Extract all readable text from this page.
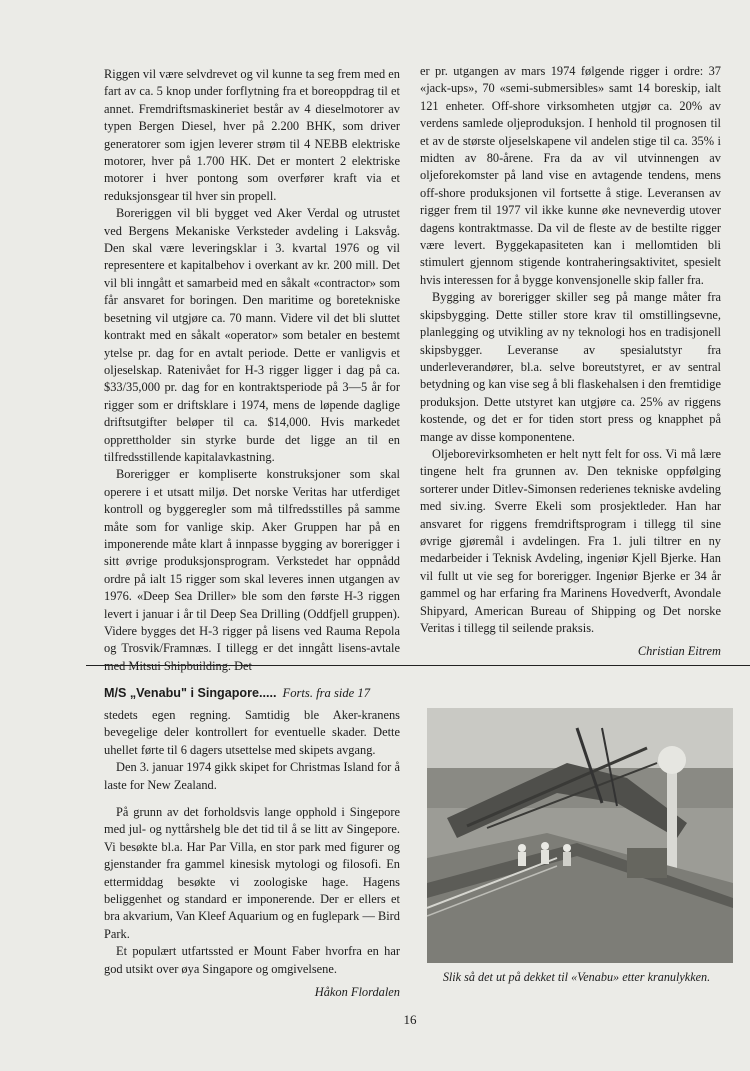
Riggen vil være selvdrevet og vil kunne ta seg frem med en fart av ca. 5 knop under forflytning fra et boreoppdrag til et annet. Fremdriftsmaskineriet består av 4 dieselmotorer av typen Bergen Diesel, hver på 2.200 BHK, som driver generatorer som igjen leverer strøm til 4 NEBB elektriske motorer, hver på 1.700 HK. Det er montert 2 elektriske motorer i hver pontong som overfører kraft via et reduksjonsgear til hver sin propell.

Boreriggen vil bli bygget ved Aker Verdal og utrustet ved Bergens Mekaniske Verksteder avdeling i Laksvåg. Den skal være leveringsklar i 3. kvartal 1976 og vil representere et kapitalbehov i overkant av kr. 200 mill. Det vil bli inngått et samarbeid med en såkalt «contractor» som får ansvaret for boringen. Den maritime og boretekniske besetning vil utgjøre ca. 70 mann. Videre vil det bli sluttet kontrakt med en såkalt «operator» som betaler en bestemt ytelse pr. dag for en avtalt periode. Dette er vanligvis et oljeselskap. Ratenivået for H-3 rigger ligger i dag på ca. $33/35,000 pr. dag for en kontraktsperiode på 3—5 år for rigger som er driftsklare i 1974, mens de løpende daglige driftsutgifter beløper til ca. $14,000. Hvis markedet opprettholder sin styrke burde det ligge an til en tilfredsstillende kapitalavkastning.

Borerigger er kompliserte konstruksjoner som skal operere i et utsatt miljø. Det norske Veritas har utferdiget kontroll og byggeregler som må tilfredsstilles på samme måte som for vanlige skip. Aker Gruppen har på en imponerende måte klart å innpasse bygging av borerigger i sitt øvrige produksjonsprogram. Verkstedet har oppnådd ordre på ialt 15 rigger som skal leveres innen utgangen av 1976. «Deep Sea Driller» ble som den første H-3 riggen levert i januar i år til Deep Sea Drilling (Oddfjell gruppen). Videre bygges det H-3 rigger på lisens ved Rauma Repola og Trosvik/Framnæs. I tillegg er det inngått lisens-avtale med Mitsui Shipbuilding. Det

er pr. utgangen av mars 1974 følgende rigger i ordre: 37 «jack-ups», 70 «semi-submersibles» samt 14 boreskip, ialt 121 enheter. Off-shore virksomheten utgjør ca. 20% av verdens samlede oljeproduksjon. I henhold til prognosen til et av de største oljeselskapene vil andelen stige til ca. 35% i midten av 80-årene. Fra da av vil utvinnengen av oljeforekomster på land vise en avtagende tendens, mens off-shore produksjonen vil fortsette å stige. Leveransen av rigger frem til 1977 vil ikke kunne øke nevneverdig utover dagens kontraktmasse. Da vil de fleste av de bestilte rigger være levert. Byggekapasiteten kan i mellomtiden bli stimulert gjennom stigende kontraheringsaktivitet, spesielt hvis interessen for å bygge konvensjonelle skip faller fra.

Bygging av borerigger skiller seg på mange måter fra skipsbygging. Dette stiller store krav til omstillingsevne, planlegging og utvikling av ny teknologi hos en tradisjonell skipsbygger. Leveranse av spesialutstyr fra underleverandører, bl.a. selve boreutstyret, er av sentral betydning og kan vise seg å bli flaskehalsen i den fremtidige produksjon. Dette utstyret kan utgjøre ca. 25% av riggens kostende, og det er for tiden stort press og knapphet på mange av disse komponentene.

Oljeborevirksomheten er helt nytt felt for oss. Vi må lære tingene helt fra grunnen av. Den tekniske oppfølging sorterer under Ditlev-Simonsen rederienes tekniske avdeling med siv.ing. Sverre Ekeli som prosjektleder. Han har ansvaret for riggens fremdriftsprogram i tillegg til sine øvrige gjøremål i avdelingen. Fra 1. juli tiltrer en ny medarbeider i Teknisk Avdeling, ingeniør Kjell Bjerke. Han vil fullt ut vie seg for borerigger. Ingeniør Bjerke er 34 år gammel og har erfaring fra Marinens Hovedverft, Avondale Shipyard, American Bureau of Shipping og Det norske Veritas i tillegg til seilende praksis.

Christian Eitrem

M/S „Venabu" i Singapore..... Forts. fra side 17

stedets egen regning. Samtidig ble Aker-kranens bevegelige deler kontrollert for eventuelle skader. Dette uhellet førte til 6 dagers utsettelse med skipets avgang.

Den 3. januar 1974 gikk skipet for Christmas Island for å laste for New Zealand.

På grunn av det forholdsvis lange opphold i Singepore med jul- og nyttårshelg ble det tid til å se litt av Singepore. Vi besøkte bl.a. Har Par Villa, en stor park med figurer og gjenstander fra gammel kinesisk mytologi og filosofi. En ettermiddag besøkte vi zoologiske hage. Hagens beliggenhet og standard er imponerende. Der er ellers et bra akvarium, Van Kleef Aquarium og en fuglepark — Bird Park.

Et populært utfartssted er Mount Faber hvorfra en har god utsikt over øya Singapore og omgivelsene.

Håkon Flordalen

Slik så det ut på dekket til «Venabu» etter kranulykken.
16
